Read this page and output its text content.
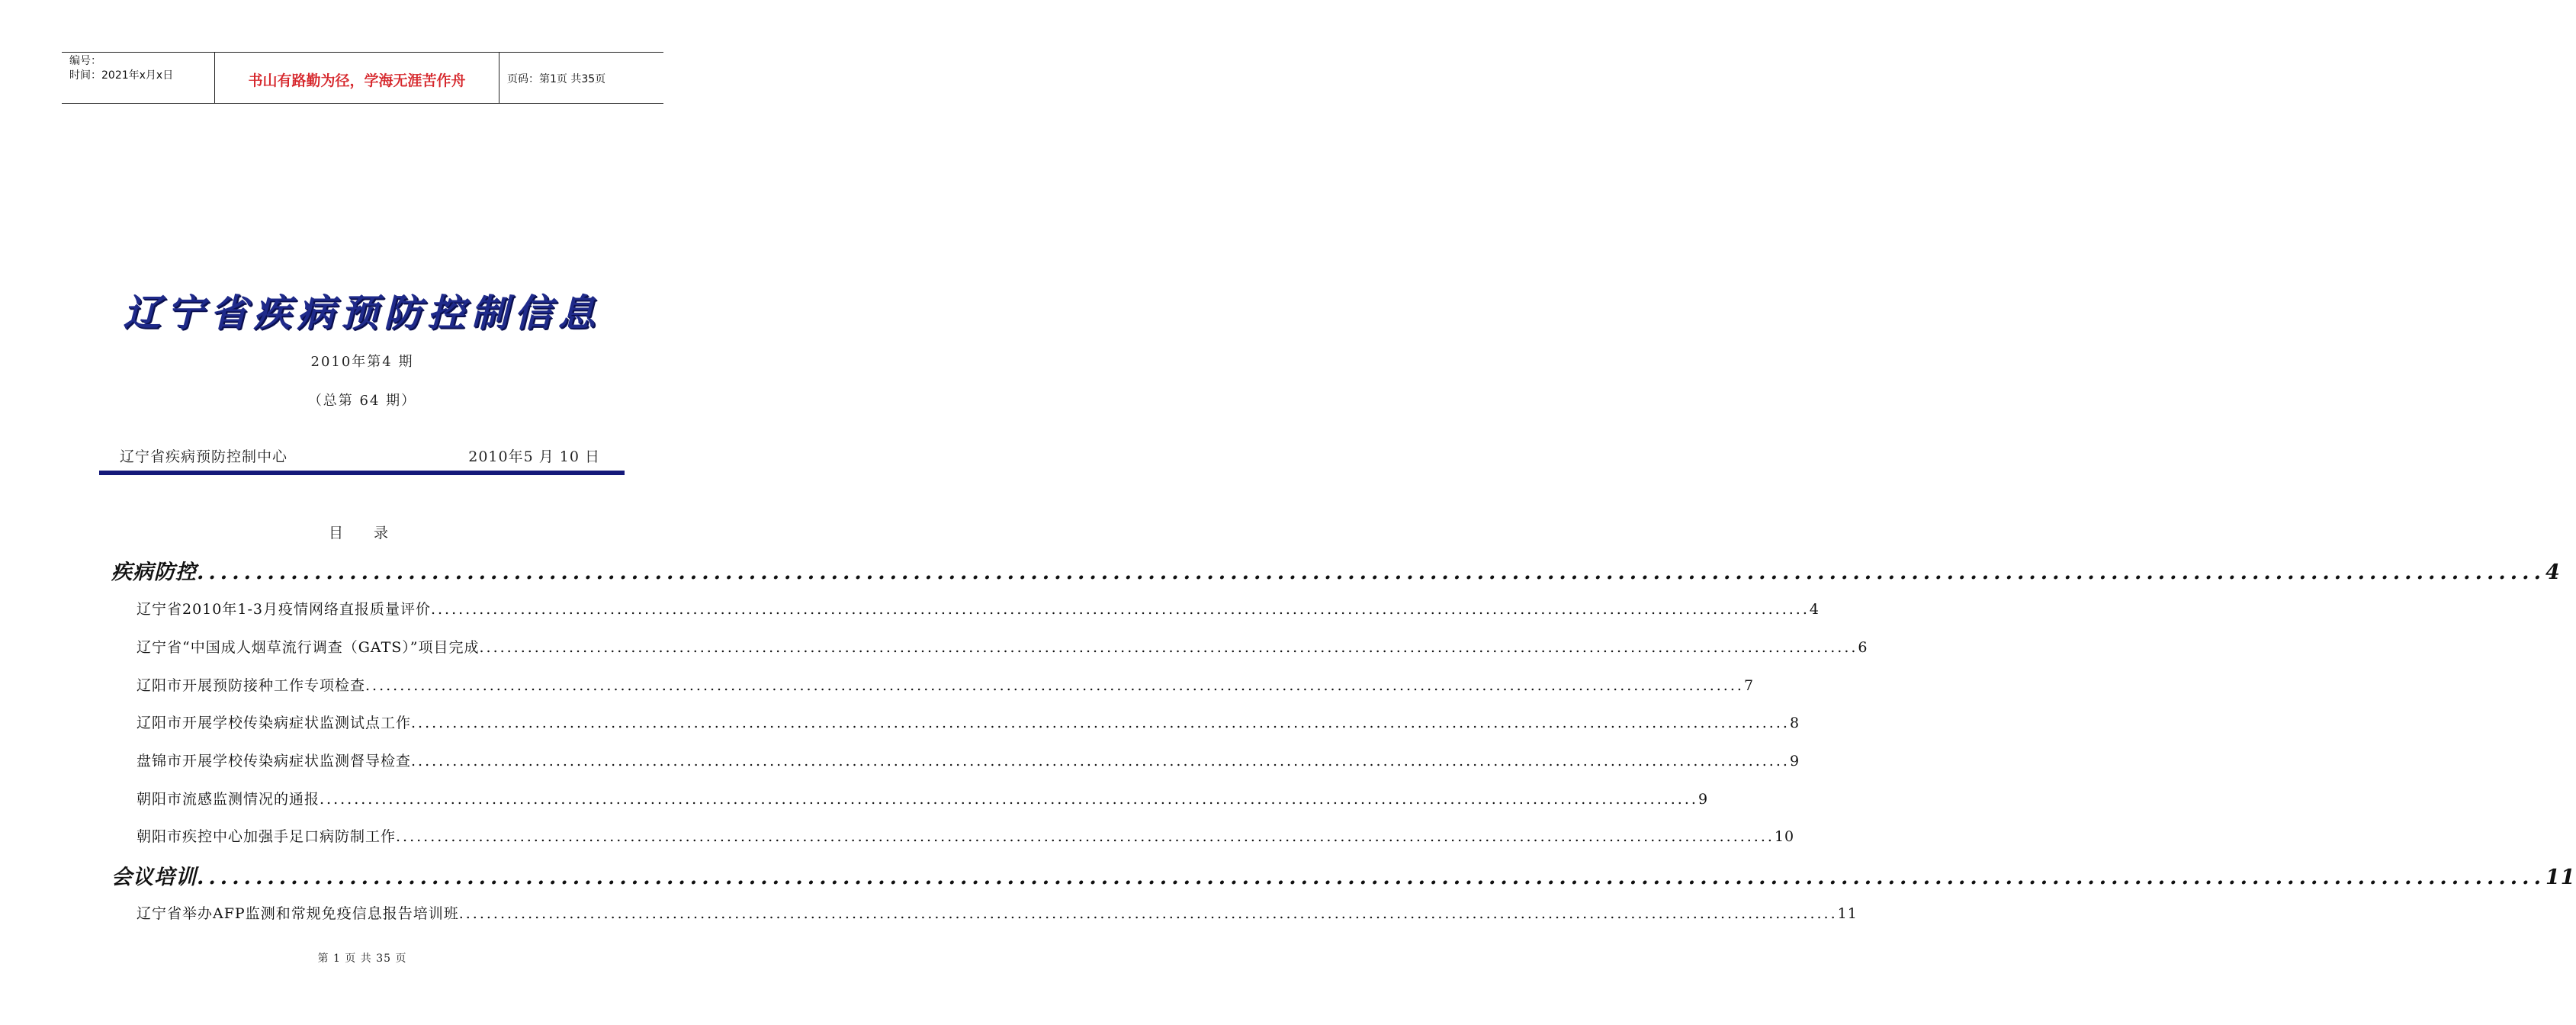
编号：
时间：2021年x月x日	书山有路勤为径，学海无涯苦作舟	页码：第1页 共35页
辽宁省疾病预防控制信息
2010年第4 期
（总第 64 期）
辽宁省疾病预防控制中心	2010年5 月 10 日
目录
疾病防控 ........................................................................................................................................................................................................ 4
辽宁省2010年1-3月疫情网络直报质量评价 ........................................................................................................................................................................................................ 4
辽宁省“中国成人烟草流行调查（GATS）”项目完成 ........................................................................................................................................................................................................ 6
辽阳市开展预防接种工作专项检查 ........................................................................................................................................................................................................ 7
辽阳市开展学校传染病症状监测试点工作 ........................................................................................................................................................................................................ 8
盘锦市开展学校传染病症状监测督导检查 ........................................................................................................................................................................................................ 9
朝阳市流感监测情况的通报 ........................................................................................................................................................................................................ 9
朝阳市疾控中心加强手足口病防制工作 ........................................................................................................................................................................................................ 10
会议培训 ........................................................................................................................................................................................................ 11
辽宁省举办AFP监测和常规免疫信息报告培训班 ........................................................................................................................................................................................................ 11
第 1 页 共 35 页
